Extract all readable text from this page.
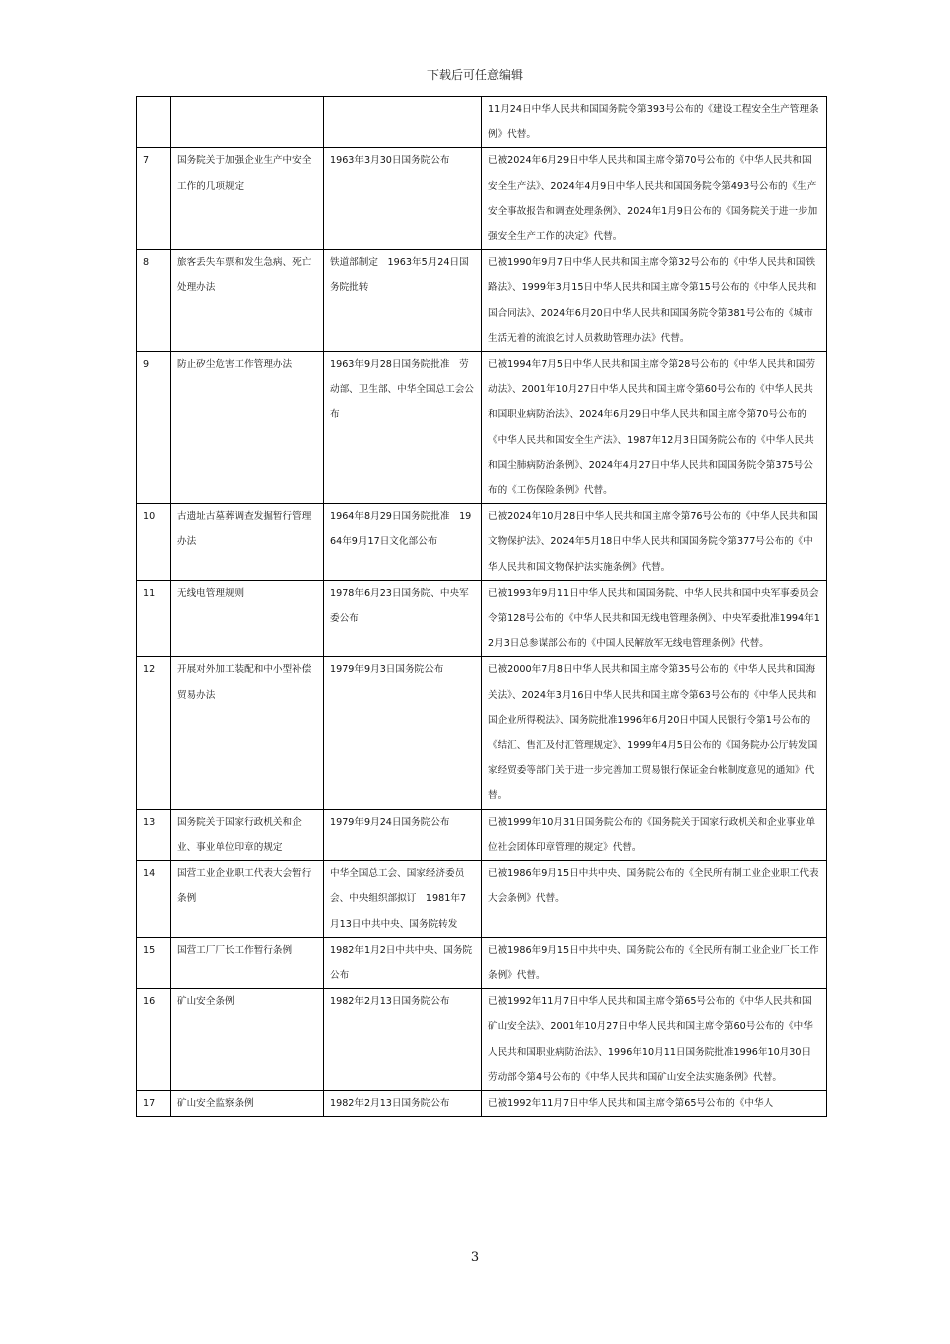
下载后可任意编辑
			11月24日中华人民共和国国务院令第393号公布的《建设工程安全生产管理条例》代替。
7	国务院关于加强企业生产中安全工作的几项规定	1963年3月30日国务院公布	已被2024年6月29日中华人民共和国主席令第70号公布的《中华人民共和国安全生产法》、2024年4月9日中华人民共和国国务院令第493号公布的《生产安全事故报告和调查处理条例》、2024年1月9日公布的《国务院关于进一步加强安全生产工作的决定》代替。
8	旅客丢失车票和发生急病、死亡处理办法	铁道部制定　1963年5月24日国务院批转	已被1990年9月7日中华人民共和国主席令第32号公布的《中华人民共和国铁路法》、1999年3月15日中华人民共和国主席令第15号公布的《中华人民共和国合同法》、2024年6月20日中华人民共和国国务院令第381号公布的《城市生活无着的流浪乞讨人员救助管理办法》代替。
9	防止矽尘危害工作管理办法	1963年9月28日国务院批准　劳动部、卫生部、中华全国总工会公布	已被1994年7月5日中华人民共和国主席令第28号公布的《中华人民共和国劳动法》、2001年10月27日中华人民共和国主席令第60号公布的《中华人民共和国职业病防治法》、2024年6月29日中华人民共和国主席令第70号公布的《中华人民共和国安全生产法》、1987年12月3日国务院公布的《中华人民共和国尘肺病防治条例》、2024年4月27日中华人民共和国国务院令第375号公布的《工伤保险条例》代替。
10	古遗址古墓葬调查发掘暂行管理办法	1964年8月29日国务院批准　1964年9月17日文化部公布	已被2024年10月28日中华人民共和国主席令第76号公布的《中华人民共和国文物保护法》、2024年5月18日中华人民共和国国务院令第377号公布的《中华人民共和国文物保护法实施条例》代替。
11	无线电管理规则	1978年6月23日国务院、中央军委公布	已被1993年9月11日中华人民共和国国务院、中华人民共和国中央军事委员会令第128号公布的《中华人民共和国无线电管理条例》、中央军委批准1994年12月3日总参谋部公布的《中国人民解放军无线电管理条例》代替。
12	开展对外加工装配和中小型补偿贸易办法	1979年9月3日国务院公布	已被2000年7月8日中华人民共和国主席令第35号公布的《中华人民共和国海关法》、2024年3月16日中华人民共和国主席令第63号公布的《中华人民共和国企业所得税法》、国务院批准1996年6月20日中国人民银行令第1号公布的《结汇、售汇及付汇管理规定》、1999年4月5日公布的《国务院办公厅转发国家经贸委等部门关于进一步完善加工贸易银行保证金台帐制度意见的通知》代替。
13	国务院关于国家行政机关和企业、事业单位印章的规定	1979年9月24日国务院公布	已被1999年10月31日国务院公布的《国务院关于国家行政机关和企业事业单位社会团体印章管理的规定》代替。
14	国营工业企业职工代表大会暂行条例	中华全国总工会、国家经济委员会、中央组织部拟订　1981年7月13日中共中央、国务院转发	已被1986年9月15日中共中央、国务院公布的《全民所有制工业企业职工代表大会条例》代替。
15	国营工厂厂长工作暂行条例	1982年1月2日中共中央、国务院公布	已被1986年9月15日中共中央、国务院公布的《全民所有制工业企业厂长工作条例》代替。
16	矿山安全条例	1982年2月13日国务院公布	已被1992年11月7日中华人民共和国主席令第65号公布的《中华人民共和国矿山安全法》、2001年10月27日中华人民共和国主席令第60号公布的《中华人民共和国职业病防治法》、1996年10月11日国务院批准1996年10月30日劳动部令第4号公布的《中华人民共和国矿山安全法实施条例》代替。
17	矿山安全监察条例	1982年2月13日国务院公布	已被1992年11月7日中华人民共和国主席令第65号公布的《中华人
3
